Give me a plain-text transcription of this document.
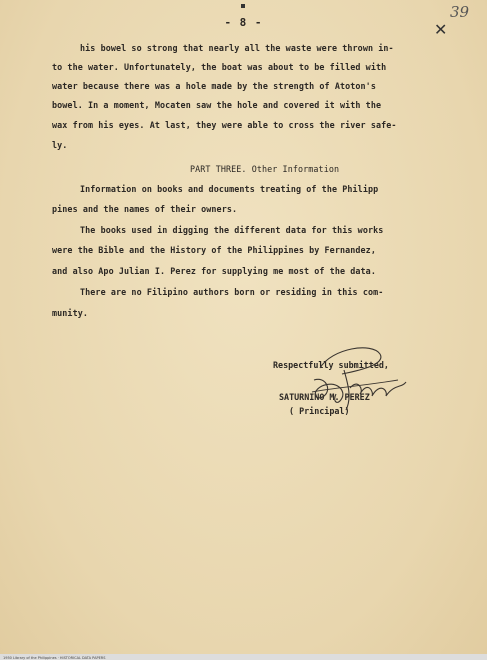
- 8 -
39
✕
his bowel so strong that nearly all the waste were thrown in-
to the water. Unfortunately, the boat was about to be filled with
water because there was a hole made by the strength of Atoton's
bowel. In a moment, Mocaten saw the hole and covered it with the
wax from his eyes. At last, they were able to cross the river safe-
ly.
PART THREE. Other Information
Information on books and documents treating of the Philipp
pines and the names of their owners.
The books used in digging the different data for this works
were the Bible and the History of the Philippines by Fernandez,
and also Apo Julian I. Perez for supplying me most of the data.
There are no Filipino authors born or residing in this com-
munity.
Respectfully submitted,
SATURNINO M. PEREZ
( Principal)
1950 Library of the Philippines · HISTORICAL DATA PAPERS
